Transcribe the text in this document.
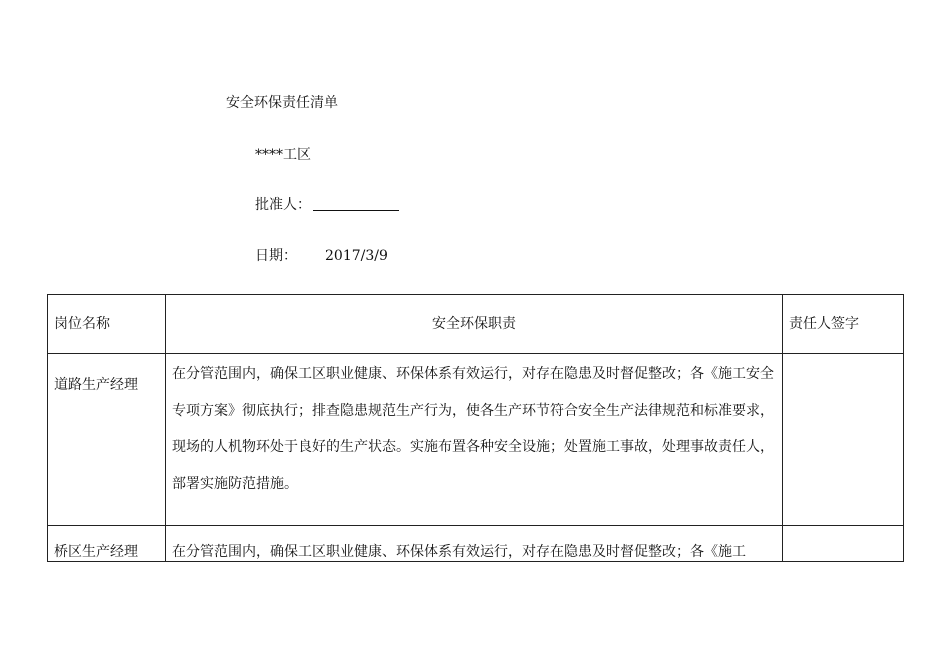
安全环保责任清单
****工区
批准人：
日期： 2017/3/9
岗位名称	安全环保职责	责任人签字
道路生产经理	在分管范围内，确保工区职业健康、环保体系有效运行，对存在隐患及时督促整改；各《施工安全专项方案》彻底执行；排查隐患规范生产行为，使各生产环节符合安全生产法律规范和标准要求，现场的人机物环处于良好的生产状态。实施布置各种安全设施；处置施工事故，处理事故责任人，部署实施防范措施。	
桥区生产经理	在分管范围内，确保工区职业健康、环保体系有效运行，对存在隐患及时督促整改；各《施工	
